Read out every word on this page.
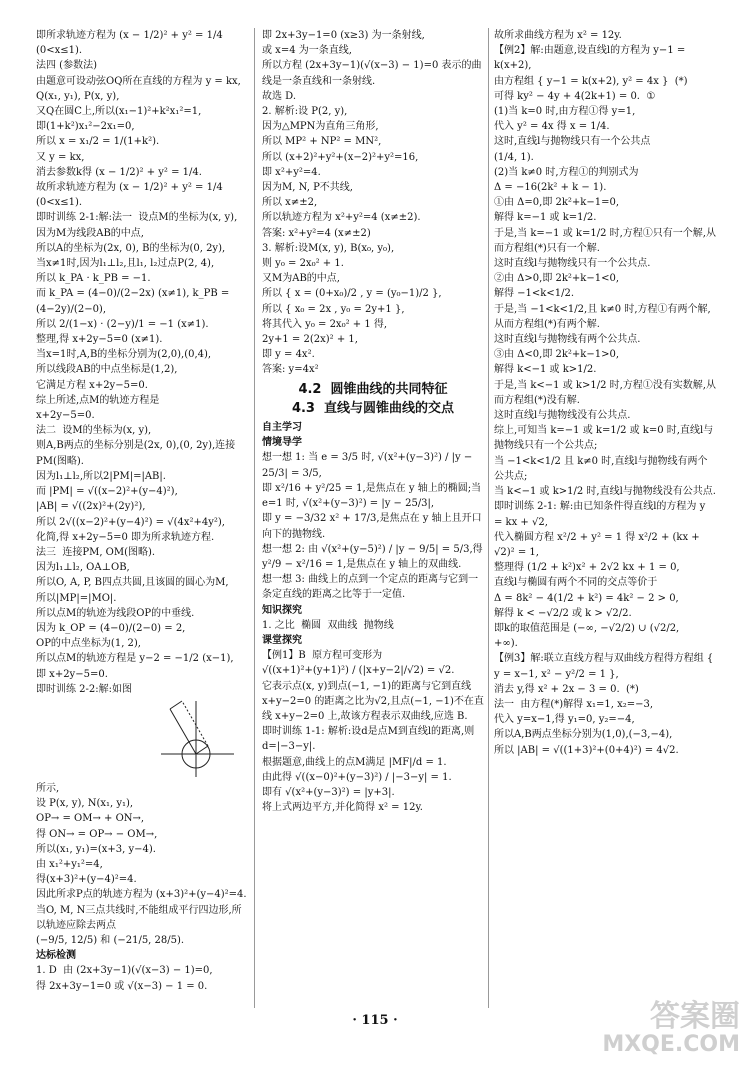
即所求轨迹方程为 (x − 1/2)² + y² = 1/4

(0<x≤1).

法四 (参数法)

由题意可设动弦OQ所在直线的方程为 y = kx, Q(x₁, y₁), P(x, y),

又Q在圆C上,所以(x₁−1)²+k²x₁²=1,

即(1+k²)x₁²−2x₁=0,

所以 x = x₁/2 = 1/(1+k²).

又 y = kx,

消去参数k得 (x − 1/2)² + y² = 1/4.

故所求轨迹方程为 (x − 1/2)² + y² = 1/4

(0<x≤1).

即时训练 2-1:解:法一  设点M的坐标为(x, y),

因为M为线段AB的中点,

所以A的坐标为(2x, 0), B的坐标为(0, 2y),

当x≠1时,因为l₁⊥l₂,且l₁, l₂过点P(2, 4),

所以 k_PA · k_PB = −1.

而 k_PA = (4−0)/(2−2x) (x≠1), k_PB = (4−2y)/(2−0),

所以 2/(1−x) · (2−y)/1 = −1 (x≠1).

整理,得 x+2y−5=0 (x≠1).

当x=1时,A,B的坐标分别为(2,0),(0,4),

所以线段AB的中点坐标是(1,2),

它满足方程 x+2y−5=0.

综上所述,点M的轨迹方程是

x+2y−5=0.

法二  设M的坐标为(x, y),

则A,B两点的坐标分别是(2x, 0),(0, 2y),连接PM(图略).

因为l₁⊥l₂,所以2|PM|=|AB|.

而 |PM| = √((x−2)²+(y−4)²),

|AB| = √((2x)²+(2y)²),

所以 2√((x−2)²+(y−4)²) = √(4x²+4y²),

化简,得 x+2y−5=0 即为所求轨迹方程.

法三  连接PM, OM(图略).

因为l₁⊥l₂, OA⊥OB,

所以O, A, P, B四点共圆,且该圆的圆心为M,

所以|MP|=|MO|.

所以点M的轨迹为线段OP的中垂线.

因为 k_OP = (4−0)/(2−0) = 2,

OP的中点坐标为(1, 2),

所以点M的轨迹方程是 y−2 = −1/2 (x−1),

即 x+2y−5=0.

即时训练 2-2:解:如图

所示,

设 P(x, y), N(x₁, y₁),

OP→ = OM→ + ON→,

得 ON→ = OP→ − OM→,

所以(x₁, y₁)=(x+3, y−4).

由 x₁²+y₁²=4,

得(x+3)²+(y−4)²=4.

因此所求P点的轨迹方程为 (x+3)²+(y−4)²=4.

当O, M, N三点共线时,不能组成平行四边形,所以轨迹应除去两点

(−9/5, 12/5) 和 (−21/5, 28/5).

达标检测

1. D  由 (2x+3y−1)(√(x−3) − 1)=0,

得 2x+3y−1=0 或 √(x−3) − 1 = 0.

即 2x+3y−1=0 (x≥3) 为一条射线,

或 x=4 为一条直线,

所以方程 (2x+3y−1)(√(x−3) − 1)=0 表示的曲线是一条直线和一条射线.

故选 D.

2. 解析:设 P(2, y),

因为△MPN为直角三角形,

所以 MP² + NP² = MN²,

所以 (x+2)²+y²+(x−2)²+y²=16,

即 x²+y²=4.

因为M, N, P不共线,

所以 x≠±2,

所以轨迹方程为 x²+y²=4 (x≠±2).

答案: x²+y²=4 (x≠±2)

3. 解析:设M(x, y), B(x₀, y₀),

则 y₀ = 2x₀² + 1.

又M为AB的中点,

所以 { x = (0+x₀)/2 , y = (y₀−1)/2 },

所以 { x₀ = 2x , y₀ = 2y+1 },

将其代入 y₀ = 2x₀² + 1 得,

2y+1 = 2(2x)² + 1,

即 y = 4x².

答案: y=4x²

4.2  圆锥曲线的共同特征

4.3  直线与圆锥曲线的交点

自主学习

情境导学

想一想 1: 当 e = 3/5 时, √(x²+(y−3)²) / |y − 25/3| = 3/5,

即 x²/16 + y²/25 = 1,是焦点在 y 轴上的椭圆;当 e=1 时, √(x²+(y−3)²) = |y − 25/3|,

即 y = −3/32 x² + 17/3,是焦点在 y 轴上且开口向下的抛物线.

想一想 2: 由 √(x²+(y−5)²) / |y − 9/5| = 5/3,得 y²/9 − x²/16 = 1,是焦点在 y 轴上的双曲线.

想一想 3: 曲线上的点到一个定点的距离与它到一条定直线的距离之比等于一定值.

知识探究

1. 之比  椭圆  双曲线  抛物线

课堂探究

【例1】B  原方程可变形为

√((x+1)²+(y+1)²) / (|x+y−2|/√2) = √2.

它表示点(x, y)到点(−1, −1)的距离与它到直线 x+y−2=0 的距离之比为√2,且点(−1, −1)不在直线 x+y−2=0 上,故该方程表示双曲线,应选 B.

即时训练 1-1: 解析:设d是点M到直线l的距离,则 d=|−3−y|.

根据题意,曲线上的点M满足 |MF|/d = 1.

由此得 √((x−0)²+(y−3)²) / |−3−y| = 1.

即有 √(x²+(y−3)²) = |y+3|.

将上式两边平方,并化简得 x² = 12y.

故所求曲线方程为 x² = 12y.

【例2】解:由题意,设直线l的方程为 y−1 = k(x+2),

由方程组 { y−1 = k(x+2), y² = 4x }  (*)

可得 ky² − 4y + 4(2k+1) = 0.  ①

(1)当 k=0 时,由方程①得 y=1,

代入 y² = 4x 得 x = 1/4.

这时,直线l与抛物线只有一个公共点

(1/4, 1).

(2)当 k≠0 时,方程①的判别式为

Δ = −16(2k² + k − 1).

①由 Δ=0,即 2k²+k−1=0,

解得 k=−1 或 k=1/2.

于是,当 k=−1 或 k=1/2 时,方程①只有一个解,从而方程组(*)只有一个解.

这时直线l与抛物线只有一个公共点.

②由 Δ>0,即 2k²+k−1<0,

解得 −1<k<1/2.

于是,当 −1<k<1/2,且 k≠0 时,方程①有两个解,从而方程组(*)有两个解.

这时直线l与抛物线有两个公共点.

③由 Δ<0,即 2k²+k−1>0,

解得 k<−1 或 k>1/2.

于是,当 k<−1 或 k>1/2 时,方程①没有实数解,从而方程组(*)没有解.

这时直线l与抛物线没有公共点.

综上,可知当 k=−1 或 k=1/2 或 k=0 时,直线l与抛物线只有一个公共点;

当 −1<k<1/2 且 k≠0 时,直线l与抛物线有两个公共点;

当 k<−1 或 k>1/2 时,直线l与抛物线没有公共点.

即时训练 2-1: 解:由已知条件得直线l的方程为 y = kx + √2,

代入椭圆方程 x²/2 + y² = 1 得 x²/2 + (kx + √2)² = 1,

整理得 (1/2 + k²)x² + 2√2 kx + 1 = 0,

直线l与椭圆有两个不同的交点等价于

Δ = 8k² − 4(1/2 + k²) = 4k² − 2 > 0,

解得 k < −√2/2 或 k > √2/2.

即k的取值范围是 (−∞, −√2/2) ∪ (√2/2,

+∞).

【例3】解:联立直线方程与双曲线方程得方程组 { y = x−1, x² − y²/2 = 1 },

消去 y,得 x² + 2x − 3 = 0.  (*)

法一  由方程(*)解得 x₁=1, x₂=−3,

代入 y=x−1,得 y₁=0, y₂=−4,

所以A,B两点坐标分别为(1,0),(−3,−4),

所以 |AB| = √((1+3)²+(0+4)²) = 4√2.

· 115 ·	答案圈
MXQE.COM
